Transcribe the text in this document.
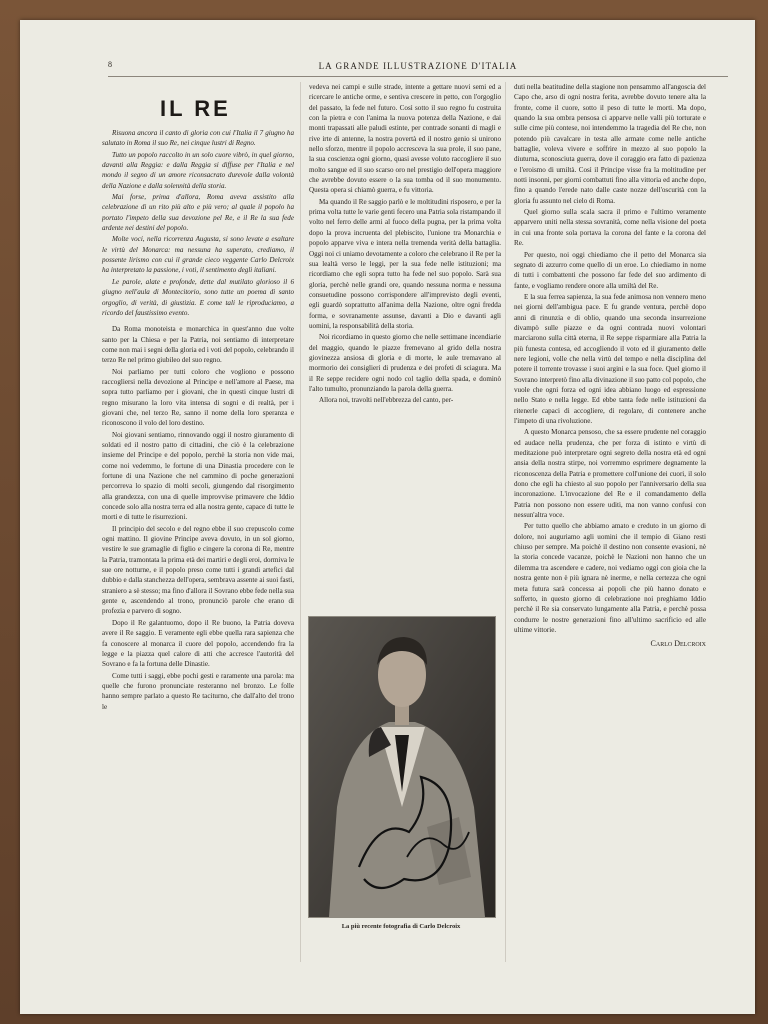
8	LA GRANDE ILLUSTRAZIONE D'ITALIA
IL RE

Risuona ancora il canto di gloria con cui l'Italia il 7 giugno ha salutato in Roma il suo Re, nei cinque lustri di Regno.

Tutto un popolo raccolto in un solo cuore vibrò, in quel giorno, davanti alla Reggia: e dalla Reggia si diffuse per l'Italia e nel mondo il segno di un amore riconsacrato durevole dalla volontà della Nazione e dalla solennità della storia.

Mai forse, prima d'allora, Roma aveva assistito alla celebrazione di un rito più alto e più vero; al quale il popolo ha portato l'impeto della sua devozione pel Re, e il Re la sua fede ardente nei destini del popolo.

Molte voci, nella ricorrenza Augusta, si sono levate a esaltare le virtù del Monarca: ma nessuna ha superato, crediamo, il possente lirismo con cui il grande cieco veggente Carlo Delcroix ha interpretato la passione, i voti, il sentimento degli italiani.

Le parole, alate e profonde, dette dal mutilato glorioso il 6 giugno nell'aula di Montecitorio, sono tutte un poema di santo orgoglio, di verità, di giustizia. E come tali le riproduciamo, a ricordo del faustissimo evento.

Da Roma monoteista e monarchica in quest'anno due volte santo per la Chiesa e per la Patria, noi sentiamo di interpretare come non mai i segni della gloria ed i voti del popolo, celebrando il terzo Re nel primo giubileo del suo regno.

Noi parliamo per tutti coloro che vogliono e possono raccogliersi nella devozione al Principe e nell'amore al Paese, ma sopra tutto parliamo per i giovani, che in questi cinque lustri di regno misurano la loro vita intensa di sogni e di realtà, per i giovani che, nel terzo Re, sanno il nome della loro speranza e riconoscono il volo del loro destino.

Noi giovani sentiamo, rinnovando oggi il nostro giuramento di soldati ed il nostro patto di cittadini, che ciò è la celebrazione insieme del Principe e del popolo, perchè la storia non vide mai, come noi vedemmo, le fortune di una Dinastia procedere con le fortune di una Nazione che nel cammino di poche generazioni percorreva lo spazio di molti secoli, giungendo dal risorgimento alla grandezza, con una di quelle improvvise primavere che Iddio concede solo alla nostra terra ed alla nostra gente, capace di tutte le morti e di tutte le risurrezioni.

Il principio del secolo e del regno ebbe il suo crepuscolo come ogni mattino. Il giovine Principe aveva dovuto, in un sol giorno, vestire le sue gramaglie di figlio e cingere la corona di Re, mentre la Patria, tramontata la prima età dei martiri e degli eroi, dormiva le sue ore notturne, e il popolo preso come tutti i grandi artefici dal dubbio e dalla stanchezza dell'opera, sembrava assente ai suoi fasti, straniero a sè stesso; ma fino d'allora il Sovrano ebbe fede nella sua gente e, ascendendo al trono, pronunciò parole che erano di profezia e parvero di sogno.

Dopo il Re galantuomo, dopo il Re buono, la Patria doveva avere il Re saggio. E veramente egli ebbe quella rara sapienza che fa conoscere al monarca il cuore del popolo, accendendo fra la legge e la piazza quel calore di atti che accresce l'autorità del Sovrano e fa la fortuna delle Dinastie.

Come tutti i saggi, ebbe pochi gesti e raramente una parola: ma quelle che furono pronunciate resteranno nel bronzo. Le folle hanno sempre parlato a questo Re taciturno, che dall'alto del trono le

vedeva nei campi e sulle strade, intente a gettare nuovi semi ed a ricercare le antiche orme, e sentiva crescere in petto, con l'orgoglio del passato, la fede nel futuro. Così sotto il suo regno fu costruita con la pietra e con l'anima la nuova potenza della Nazione, e dai monti trapassati alle paludi estinte, per contrade sonanti di magli e rive irte di antenne, la nostra povertà ed il nostro genio si unirono nello sforzo, mentre il popolo accresceva la sua prole, il suo pane, la sua coscienza ogni giorno, quasi avesse voluto raccogliere il suo molto sangue ed il suo scarso oro nel prestigio dell'opera maggiore che avrebbe dovuto essere o la sua tomba od il suo monumento. Questa opera si chiamò guerra, e fu vittoria.

Ma quando il Re saggio parlò e le moltitudini risposero, e per la prima volta tutte le varie genti fecero una Patria sola ristampando il volto nel ferro delle armi al fuoco della pugna, per la prima volta dopo la prova incruenta del plebiscito, l'unione tra Monarchia e popolo apparve viva e intera nella tremenda verità della battaglia. Oggi noi ci uniamo devotamente a coloro che celebrano il Re per la sua lealtà verso le leggi, per la sua fede nelle istituzioni; ma ricordiamo che egli sopra tutto ha fede nel suo popolo. Sarà sua gloria, perchè nelle grandi ore, quando nessuna norma e nessuna consuetudine possono corrispondere all'imprevisto degli eventi, egli guardò soprattutto all'anima della Nazione, oltre ogni fredda forma, e sovranamente assunse, davanti a Dio e davanti agli uomini, la responsabilità della storia.

Noi ricordiamo in questo giorno che nelle settimane incendiarie del maggio, quando le piazze fremevano al grido della nostra giovinezza ansiosa di gloria e di morte, le aule tremavano al mormorio dei consiglieri di prudenza e dei profeti di sciagura. Ma il Re seppe recidere ogni nodo col taglio della spada, e dominò l'alto tumulto, pronunziando la parola della guerra.

Allora noi, travolti nell'ebbrezza del canto, per-

La più recente fotografia di Carlo Delcroix

duti nella beatitudine della stagione non pensammo all'angoscia del Capo che, arso di ogni nostra ferita, avrebbe dovuto tenere alta la fronte, come il cuore, sotto il peso di tutte le morti. Ma dopo, quando la sua ombra pensosa ci apparve nelle valli più torturate e sulle cime più contese, noi intendemmo la tragedia del Re che, non potendo più cavalcare in testa alle armate come nelle antiche battaglie, voleva vivere e soffrire in mezzo al suo popolo la diuturna, sconosciuta guerra, dove il coraggio era fatto di pazienza e l'eroismo di umiltà. Così il Principe visse fra la moltitudine per notti insonni, per giorni combattuti fino alla vittoria ed anche dopo, fino a quando l'erede nato dalle caste nozze dell'oscurità con la gloria fu assunto nel cielo di Roma.

Quel giorno sulla scala sacra il primo e l'ultimo veramente apparvero uniti nella stessa sovranità, come nella visione del poeta in cui una fronte sola portava la corona del fante e la corona del Re.

Per questo, noi oggi chiediamo che il petto del Monarca sia segnato di azzurro come quello di un eroe. Lo chiediamo in nome di tutti i combattenti che possono far fede del suo ardimento di fante, e vogliamo rendere onore alla umiltà del Re.

E la sua ferrea sapienza, la sua fede animosa non vennero meno nei giorni dell'ambigua pace. E fu grande ventura, perchè dopo anni di rinunzia e di oblio, quando una seconda insurrezione divampò sulle piazze e da ogni contrada nuovi volontari marciarono sulla città eterna, il Re seppe risparmiare alla Patria la più funesta contesa, ed accogliendo il voto ed il giuramento delle nere legioni, volle che nella virtù del tempo e nella disciplina del potere il torrente trovasse i suoi argini e la sua foce. Quel giorno il Sovrano interpretò fino alla divinazione il suo patto col popolo, che vuole che ogni forza ed ogni idea abbiano luogo ed espressione nello Stato e nella legge. Ed ebbe tanta fede nelle istituzioni da ritenerle capaci di accogliere, di regolare, di contenere anche l'impeto di una rivoluzione.

A questo Monarca pensoso, che sa essere prudente nel coraggio ed audace nella prudenza, che per forza di istinto e virtù di meditazione può interpretare ogni segreto della nostra età ed ogni ansia della nostra stirpe, noi vorremmo esprimere degnamente la riconoscenza della Patria e promettere coll'unione dei cuori, il solo dono che egli ha chiesto al suo popolo per l'anniversario della sua incoronazione. L'invocazione del Re e il comandamento della Patria non possono non essere uditi, ma non vanno confusi con nessun'altra voce.

Per tutto quello che abbiamo amato e creduto in un giorno di dolore, noi auguriamo agli uomini che il tempio di Giano resti chiuso per sempre. Ma poichè il destino non consente evasioni, nè la storia concede vacanze, poichè le Nazioni non hanno che un dilemma tra ascendere e cadere, noi vediamo oggi con gioia che la nostra gente non è più ignara nè inerme, e nella certezza che ogni meta futura sarà concessa ai popoli che più hanno donato e sofferto, in questo giorno di celebrazione noi preghiamo Iddio perchè il Re sia conservato lungamente alla Patria, e perchè possa condurre le nostre generazioni fino all'ultimo sacrificio ed alle ultime vittorie.

Carlo Delcroix
